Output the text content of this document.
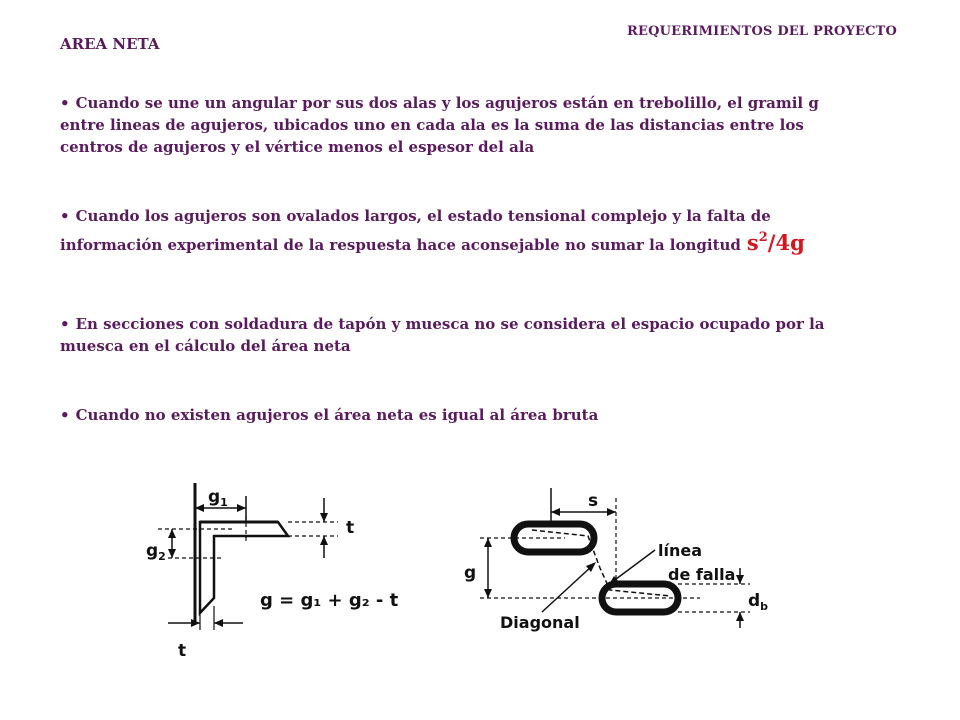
REQUERIMIENTOS DEL PROYECTO
AREA NETA
• Cuando se une un angular por sus dos alas y los agujeros están en trebolillo, el gramil g entre lineas de agujeros, ubicados uno en cada ala es la suma de las distancias entre los centros de agujeros y el vértice menos el espesor del ala
• Cuando los agujeros son ovalados largos, el estado tensional complejo y la falta de información experimental de la respuesta hace aconsejable no sumar la longitud $s^2/4g$
• En secciones con soldadura de tapón y muesca no se considera el espacio ocupado por la muesca en el cálculo del área neta
• Cuando no existen agujeros el área neta es igual al área bruta
$g_1$
$g_2$
t
t
g = g₁ + g₂ - t
s
g
$d_b$
línea
de falla
Diagonal
